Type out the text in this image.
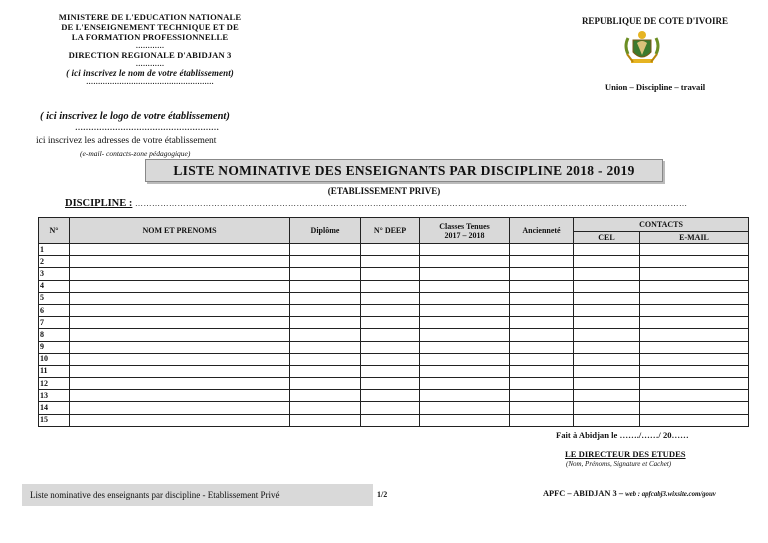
MINISTERE DE L'EDUCATION NATIONALE
DE L'ENSEIGNEMENT TECHNIQUE ET DE
LA FORMATION PROFESSIONNELLE
…………
DIRECTION REGIONALE D'ABIDJAN 3
…………
( ici inscrivez le nom de votre établissement)
………………………………………………
REPUBLIQUE DE COTE D'IVOIRE
Union – Discipline – travail
( ici inscrivez le logo de votre établissement)
………………………………………………
ici inscrivez les adresses de votre établissement
(e-mail- contacts-zone pédagogique)
LISTE NOMINATIVE DES ENSEIGNANTS PAR DISCIPLINE 2018 - 2019
(ETABLISSEMENT PRIVE)
DISCIPLINE : ……………………………………………………………………………………………………………………………………………………………………………
N°	NOM ET PRENOMS	Diplôme	N° DEEP	Classes Tenues
2017 – 2018	Ancienneté	CONTACTS	
						CEL	E-MAIL
1							
2							
3							
4							
5							
6							
7							
8							
9							
10							
11							
12							
13							
14							
15							
Fait à Abidjan le ……./……/ 20……
LE DIRECTEUR DES ETUDES
(Nom, Prénoms, Signature et Cachet)
Liste nominative des enseignants par discipline - Etablissement Privé	1/2	APFC – ABIDJAN 3 – web : apfcabj3.wixsite.com/gouv
